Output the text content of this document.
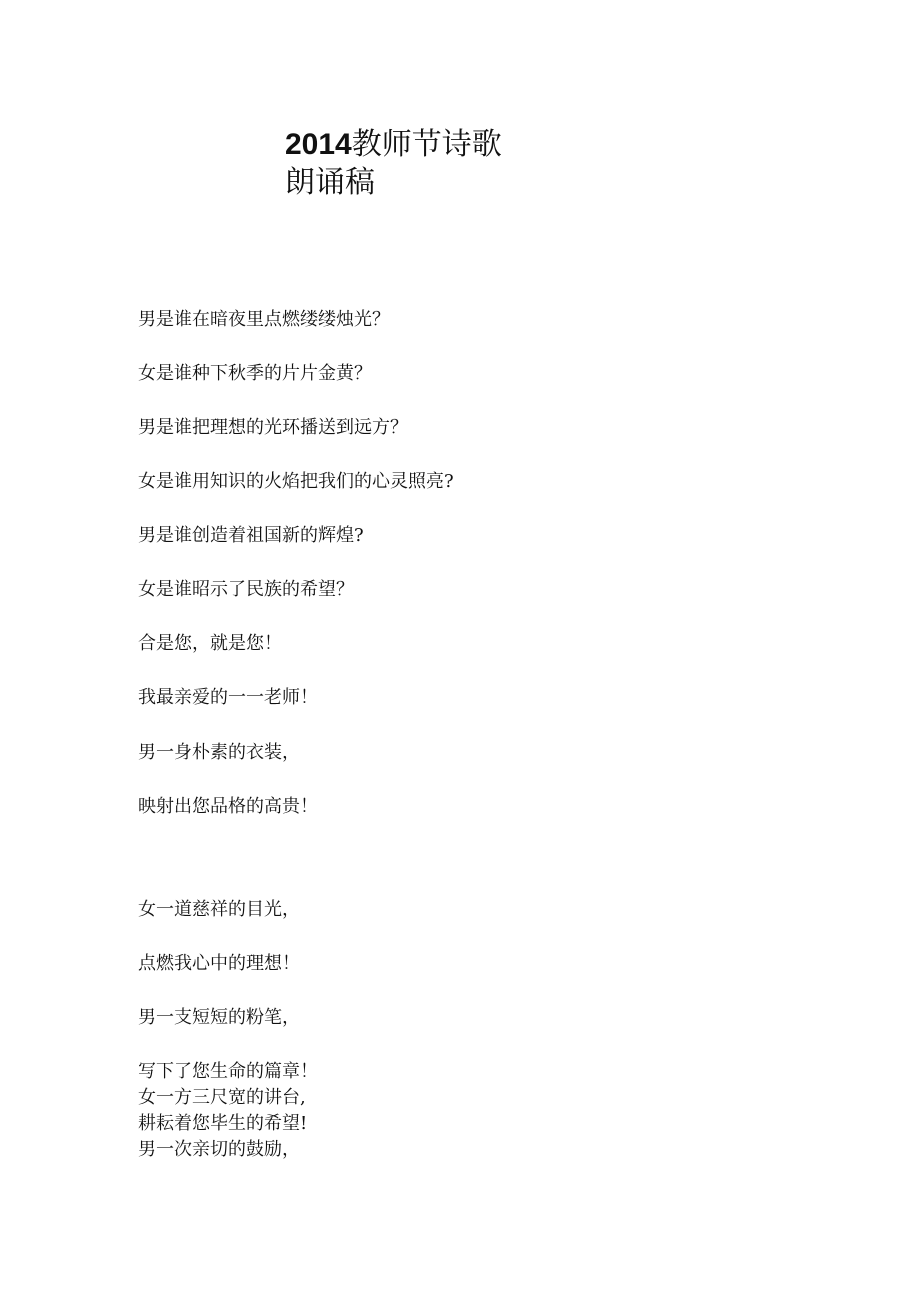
2014教师节诗歌
朗诵稿
男是谁在暗夜里点燃缕缕烛光？
女是谁种下秋季的片片金黄？
男是谁把理想的光环播送到远方？
女是谁用知识的火焰把我们的心灵照亮?
男是谁创造着祖国新的辉煌?
女是谁昭示了民族的希望？
合是您，就是您！
我最亲爱的一一老师！
男一身朴素的衣装，
映射出您品格的高贵！
女一道慈祥的目光，
点燃我心中的理想！
男一支短短的粉笔，
写下了您生命的篇章！
女一方三尺宽的讲台,
耕耘着您毕生的希望!
男一次亲切的鼓励，
